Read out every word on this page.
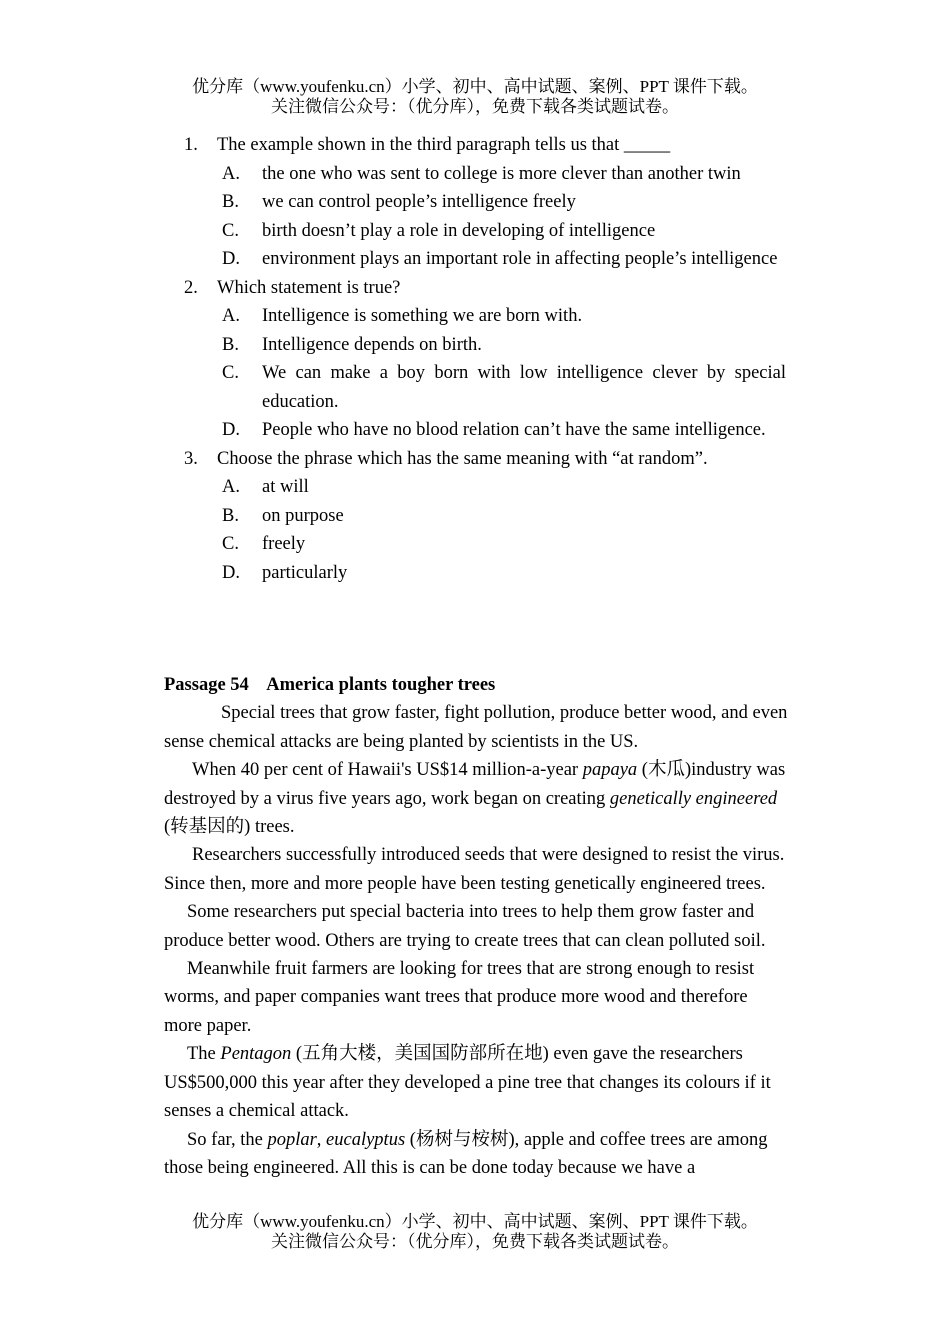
优分库（www.youfenku.cn）小学、初中、高中试题、案例、PPT 课件下载。
关注微信公众号：（优分库），免费下载各类试题试卷。
1. The example shown in the third paragraph tells us that _____
A. the one who was sent to college is more clever than another twin
B. we can control people’s intelligence freely
C. birth doesn’t play a role in developing of intelligence
D. environment plays an important role in affecting people’s intelligence
2. Which statement is true?
A. Intelligence is something we are born with.
B. Intelligence depends on birth.
C. We can make a boy born with low intelligence clever by special education.
D. People who have no blood relation can’t have the same intelligence.
3. Choose the phrase which has the same meaning with “at random”.
A. at will
B. on purpose
C. freely
D. particularly
Passage 54    America plants tougher trees

Special trees that grow faster, fight pollution, produce better wood, and even sense chemical attacks are being planted by scientists in the US.

When 40 per cent of Hawaii's US$14 million-a-year papaya (木瓜)industry was destroyed by a virus five years ago, work began on creating genetically engineered (转基因的) trees.

Researchers successfully introduced seeds that were designed to resist the virus. Since then, more and more people have been testing genetically engineered trees.

Some researchers put special bacteria into trees to help them grow faster and produce better wood. Others are trying to create trees that can clean polluted soil.

Meanwhile fruit farmers are looking for trees that are strong enough to resist worms, and paper companies want trees that produce more wood and therefore more paper.

The Pentagon (五角大楼，美国国防部所在地) even gave the researchers US$500,000 this year after they developed a pine tree that changes its colours if it senses a chemical attack.

So far, the poplar, eucalyptus (杨树与桉树), apple and coffee trees are among those being engineered. All this is can be done today because we have a

优分库（www.youfenku.cn）小学、初中、高中试题、案例、PPT 课件下载。
关注微信公众号：（优分库），免费下载各类试题试卷。
